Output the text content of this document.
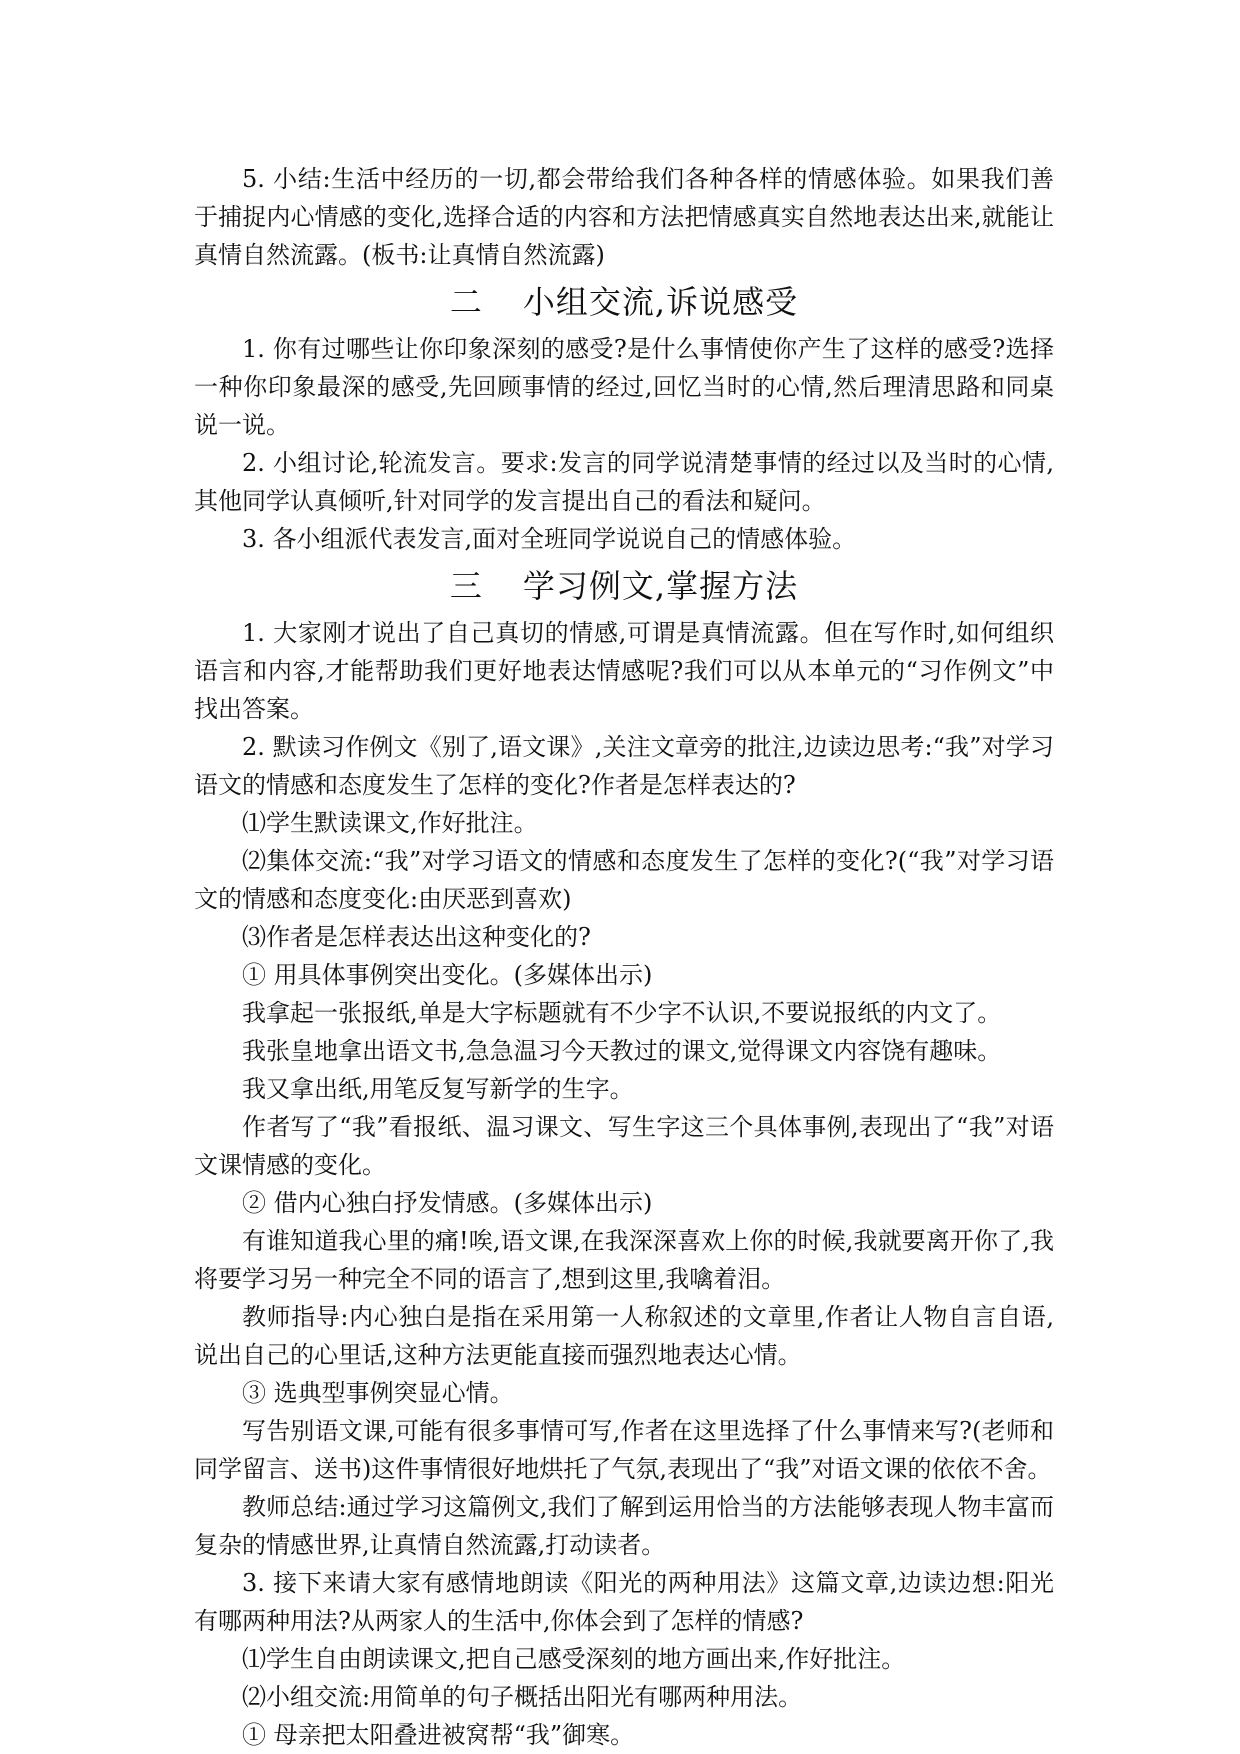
5. 小结:生活中经历的一切,都会带给我们各种各样的情感体验。如果我们善于捕捉内心情感的变化,选择合适的内容和方法把情感真实自然地表达出来,就能让真情自然流露。(板书:让真情自然流露)

二 小组交流,诉说感受

1. 你有过哪些让你印象深刻的感受?是什么事情使你产生了这样的感受?选择一种你印象最深的感受,先回顾事情的经过,回忆当时的心情,然后理清思路和同桌说一说。

2. 小组讨论,轮流发言。要求:发言的同学说清楚事情的经过以及当时的心情,其他同学认真倾听,针对同学的发言提出自己的看法和疑问。

3. 各小组派代表发言,面对全班同学说说自己的情感体验。

三 学习例文,掌握方法

1. 大家刚才说出了自己真切的情感,可谓是真情流露。但在写作时,如何组织语言和内容,才能帮助我们更好地表达情感呢?我们可以从本单元的“习作例文”中找出答案。

2. 默读习作例文《别了,语文课》,关注文章旁的批注,边读边思考:“我”对学习语文的情感和态度发生了怎样的变化?作者是怎样表达的?

⑴学生默读课文,作好批注。

⑵集体交流:“我”对学习语文的情感和态度发生了怎样的变化?(“我”对学习语文的情感和态度变化:由厌恶到喜欢)

⑶作者是怎样表达出这种变化的?

① 用具体事例突出变化。(多媒体出示)

我拿起一张报纸,单是大字标题就有不少字不认识,不要说报纸的内文了。

我张皇地拿出语文书,急急温习今天教过的课文,觉得课文内容饶有趣味。

我又拿出纸,用笔反复写新学的生字。

作者写了“我”看报纸、温习课文、写生字这三个具体事例,表现出了“我”对语文课情感的变化。

② 借内心独白抒发情感。(多媒体出示)

有谁知道我心里的痛!唉,语文课,在我深深喜欢上你的时候,我就要离开你了,我将要学习另一种完全不同的语言了,想到这里,我噙着泪。

教师指导:内心独白是指在采用第一人称叙述的文章里,作者让人物自言自语,说出自己的心里话,这种方法更能直接而强烈地表达心情。

③ 选典型事例突显心情。

写告别语文课,可能有很多事情可写,作者在这里选择了什么事情来写?(老师和同学留言、送书)这件事情很好地烘托了气氛,表现出了“我”对语文课的依依不舍。

教师总结:通过学习这篇例文,我们了解到运用恰当的方法能够表现人物丰富而复杂的情感世界,让真情自然流露,打动读者。

3. 接下来请大家有感情地朗读《阳光的两种用法》这篇文章,边读边想:阳光有哪两种用法?从两家人的生活中,你体会到了怎样的情感?

⑴学生自由朗读课文,把自己感受深刻的地方画出来,作好批注。

⑵小组交流:用简单的句子概括出阳光有哪两种用法。

① 母亲把太阳叠进被窝帮“我”御寒。
